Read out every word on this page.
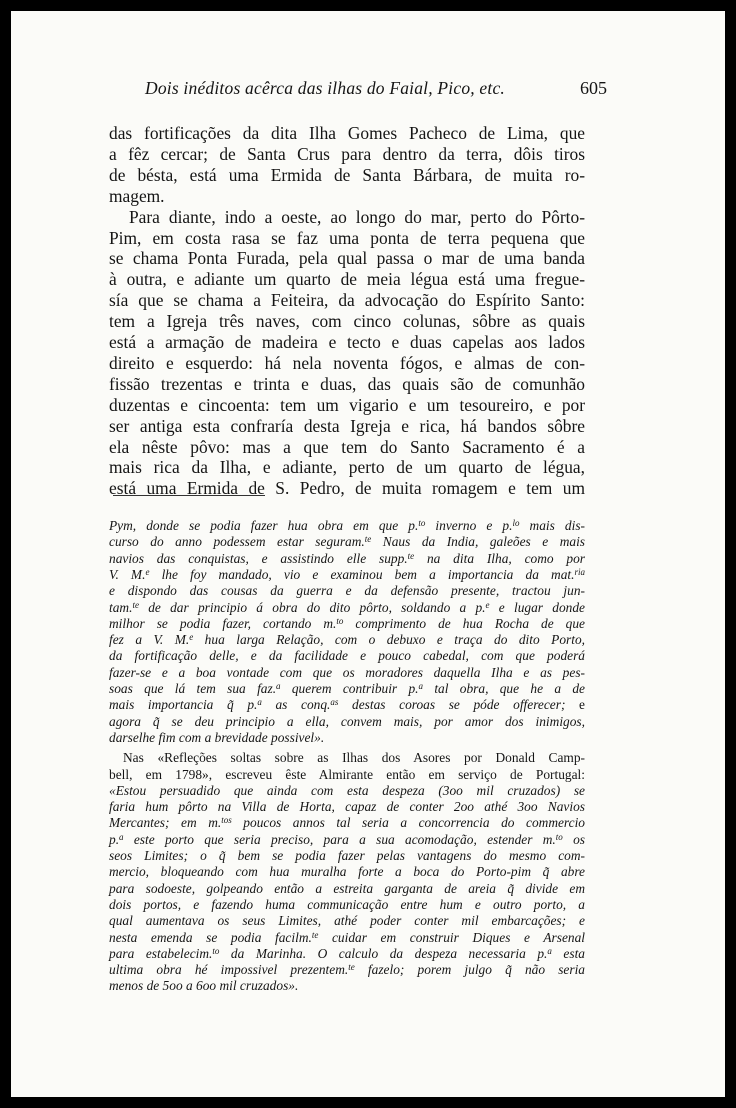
Dois inéditos acêrca das ilhas do Faial, Pico, etc.	605
das fortificações da dita Ilha Gomes Pacheco de Lima, que
a fêz cercar; de Santa Crus para dentro da terra, dôis tiros
de bésta, está uma Ermida de Santa Bárbara, de muita ro-
magem.
Para diante, indo a oeste, ao longo do mar, perto do Pôrto-
Pim, em costa rasa se faz uma ponta de terra pequena que
se chama Ponta Furada, pela qual passa o mar de uma banda
à outra, e adiante um quarto de meia légua está uma fregue-
sía que se chama a Feiteira, da advocação do Espírito Santo:
tem a Igreja três naves, com cinco colunas, sôbre as quais
está a armação de madeira e tecto e duas capelas aos lados
direito e esquerdo: há nela noventa fógos, e almas de con-
fissão trezentas e trinta e duas, das quais são de comunhão
duzentas e cincoenta: tem um vigario e um tesoureiro, e por
ser antiga esta confraría desta Igreja e rica, há bandos sôbre
ela nêste pôvo: mas a que tem do Santo Sacramento é a
mais rica da Ilha, e adiante, perto de um quarto de légua,
está uma Ermida de S. Pedro, de muita romagem e tem um
Pym, donde se podia fazer hua obra em que p.$^{to}$ inverno e p.$^{lo}$ mais dis-
curso do anno podessem estar seguram.$^{te}$ Naus da India, galeões e mais
navios das conquistas, e assistindo elle supp.$^{te}$ na dita Ilha, como por
V. M.$^e$ lhe foy mandado, vio e examinou bem a importancia da mat.$^{ria}$
e dispondo das cousas da guerra e da defensão presente, tractou jun-
tam.$^{te}$ de dar principio á obra do dito pôrto, soldando a p.$^e$ e lugar donde
milhor se podia fazer, cortando m.$^{to}$ comprimento de hua Rocha de que
fez a V. M.$^e$ hua larga Relação, com o debuxo e traça do dito Porto,
da fortificação delle, e da facilidade e pouco cabedal, com que poderá
fazer-se e a boa vontade com que os moradores daquella Ilha e as pes-
soas que lá tem sua faz.$^a$ querem contribuir p.$^a$ tal obra, que he a de
mais importancia q̃ p.$^a$ as conq.$^{as}$ destas coroas se póde offerecer; e
agora q̃ se deu principio a ella, convem mais, por amor dos inimigos,
darselhe fim com a brevidade possivel».
Nas «Refleções soltas sobre as Ilhas dos Asores por Donald Camp-
bell, em 1798», escreveu êste Almirante então em serviço de Portugal:
«Estou persuadido que ainda com esta despeza (3oo mil cruzados) se
faria hum pôrto na Villa de Horta, capaz de conter 2oo athé 3oo Navios
Mercantes; em m.$^{tos}$ poucos annos tal seria a concorrencia do commercio
p.$^a$ este porto que seria preciso, para a sua acomodação, estender m.$^{to}$ os
seos Limites; o q̃ bem se podia fazer pelas vantagens do mesmo com-
mercio, bloqueando com hua muralha forte a boca do Porto-pim q̃ abre
para sodoeste, golpeando então a estreita garganta de areia q̃ divide em
dois portos, e fazendo huma communicação entre hum e outro porto, a
qual aumentava os seus Limites, athé poder conter mil embarcações; e
nesta emenda se podia facilm.$^{te}$ cuidar em construir Diques e Arsenal
para estabelecim.$^{to}$ da Marinha. O calculo da despeza necessaria p.$^a$ esta
ultima obra hé impossivel prezentem.$^{te}$ fazelo; porem julgo q̃ não seria
menos de 5oo a 6oo mil cruzados».
